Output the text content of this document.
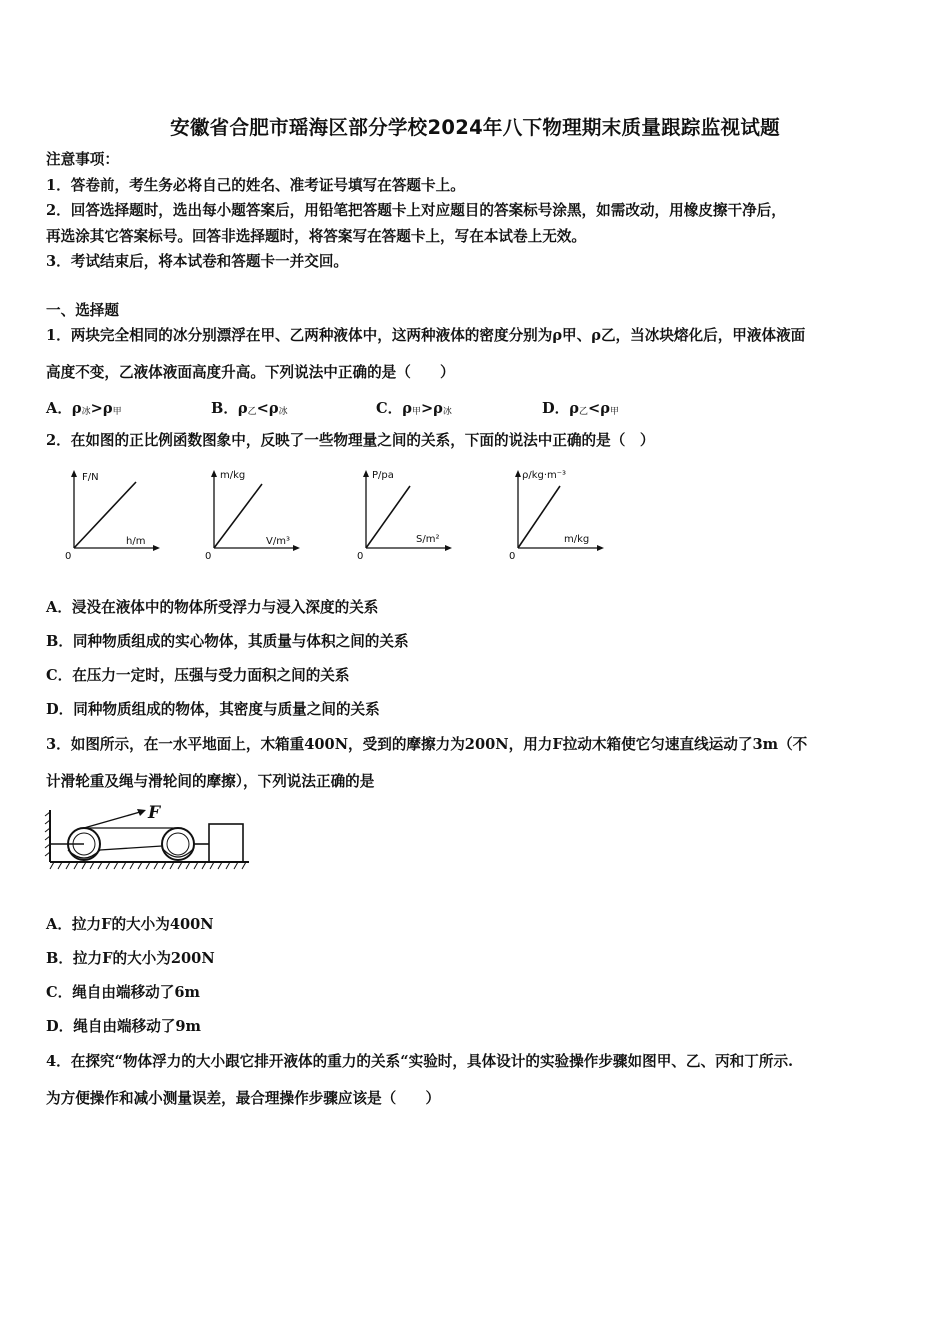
安徽省合肥市瑶海区部分学校2024年八下物理期末质量跟踪监视试题
注意事项：
1．答卷前，考生务必将自己的姓名、准考证号填写在答题卡上。
2．回答选择题时，选出每小题答案后，用铅笔把答题卡上对应题目的答案标号涂黑，如需改动，用橡皮擦干净后，
再选涂其它答案标号。回答非选择题时，将答案写在答题卡上，写在本试卷上无效。
3．考试结束后，将本试卷和答题卡一并交回。
一、选择题
1．两块完全相同的冰分别漂浮在甲、乙两种液体中，这两种液体的密度分别为ρ甲、ρ乙，当冰块熔化后，甲液体液面
高度不变，乙液体液面高度升高。下列说法中正确的是（　　）
A．$\rho_冰>\rho_甲$	B．$\rho_乙<\rho_冰$	C．$\rho_甲>\rho_冰$	D．$\rho_乙<\rho_甲$
2．在如图的正比例函数图象中，反映了一些物理量之间的关系，下面的说法中正确的是（　）
F/N
h/m
0
m/kg
V/m³
0
P/pa
S/m²
0
ρ/kg·m⁻³
m/kg
0
A．浸没在液体中的物体所受浮力与浸入深度的关系
B．同种物质组成的实心物体，其质量与体积之间的关系
C．在压力一定时，压强与受力面积之间的关系
D．同种物质组成的物体，其密度与质量之间的关系
3．如图所示，在一水平地面上，木箱重400N，受到的摩擦力为200N，用力F拉动木箱使它匀速直线运动了3m（不
计滑轮重及绳与滑轮间的摩擦），下列说法正确的是
F
A．拉力F的大小为400N
B．拉力F的大小为200N
C．绳自由端移动了6m
D．绳自由端移动了9m
4．在探究“物体浮力的大小跟它排开液体的重力的关系“实验时，具体设计的实验操作步骤如图甲、乙、丙和丁所示.
为方便操作和减小测量误差，最合理操作步骤应该是（　　）
